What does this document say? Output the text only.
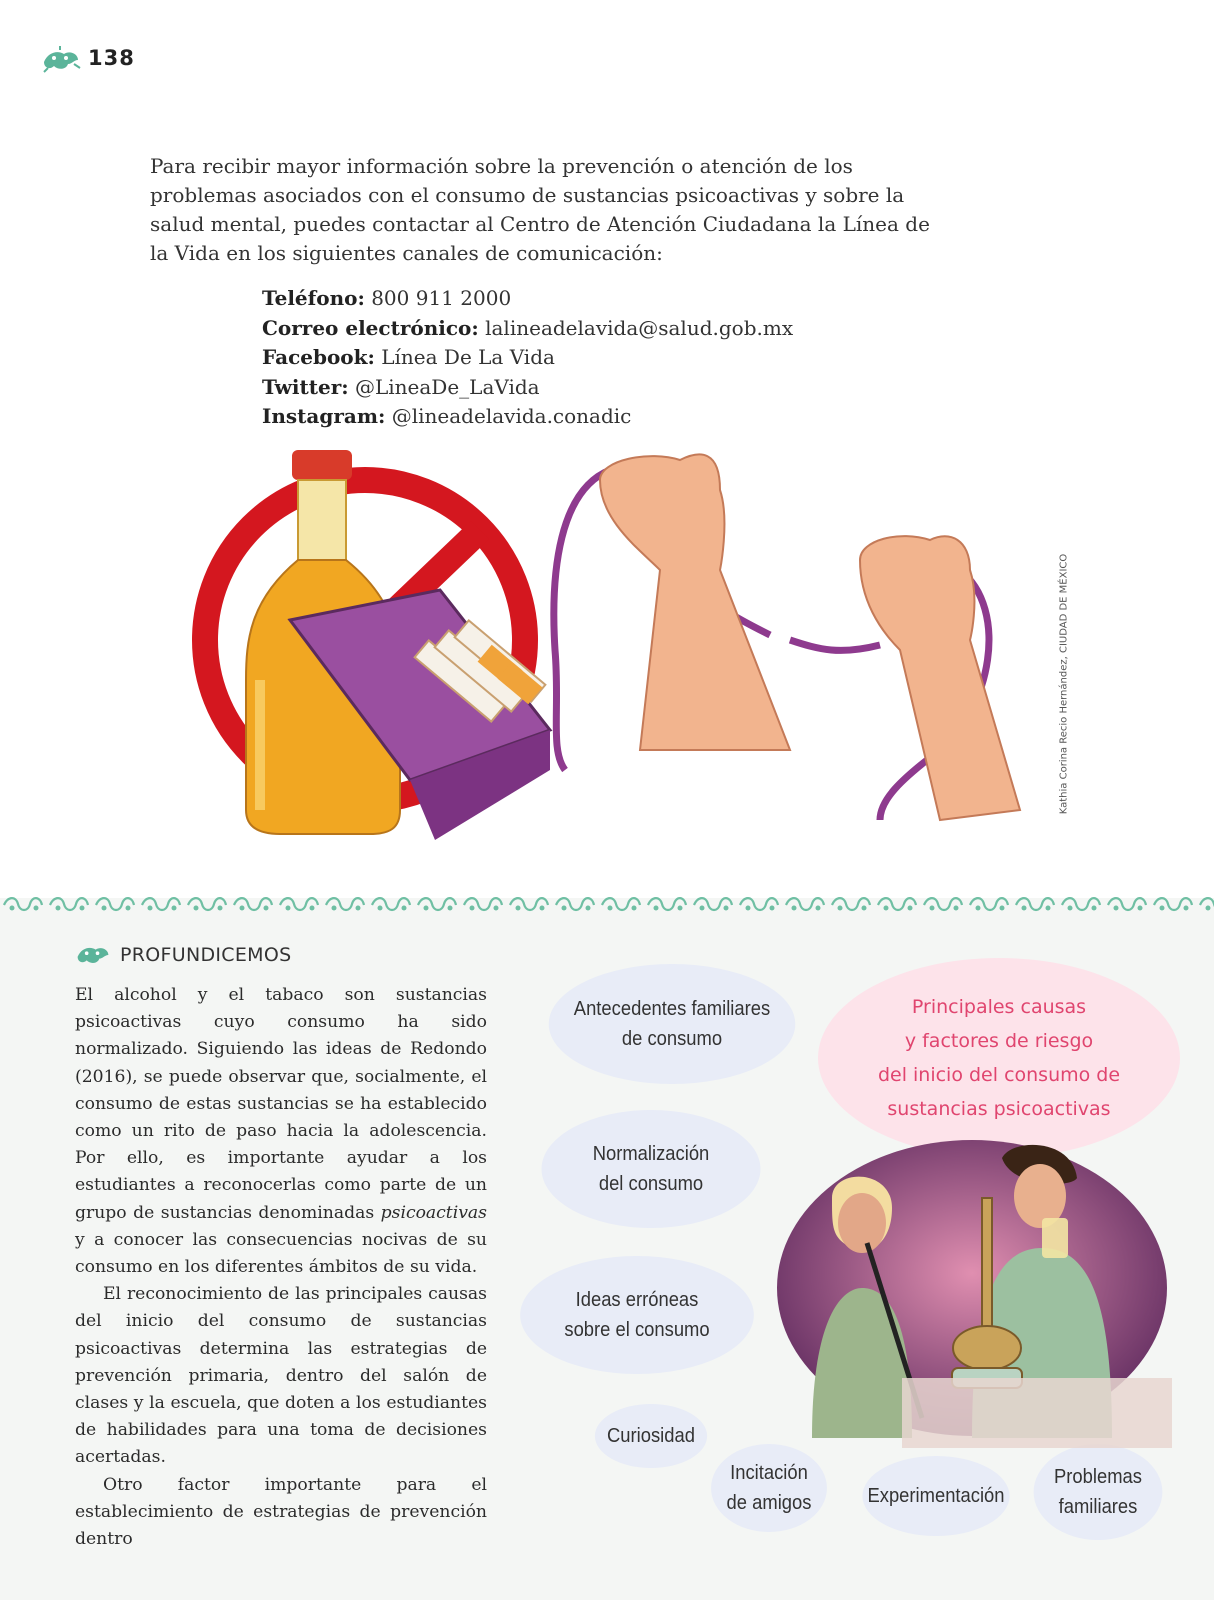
138
Para recibir mayor información sobre la prevención o atención de los problemas asociados con el consumo de sustancias psicoactivas y sobre la salud mental, puedes contactar al Centro de Atención Ciudadana la Línea de la Vida en los siguientes canales de comunicación:
Teléfono: 800 911 2000
Correo electrónico: lalineadelavida@salud.gob.mx
Facebook: Línea De La Vida
Twitter: @LineaDe_LaVida
Instagram: @lineadelavida.conadic
Kathia Corina Recio Hernández, CIUDAD DE MÉXICO
PROFUNDICEMOS

El alcohol y el tabaco son sustancias psicoactivas cuyo consumo ha sido normalizado. Siguiendo las ideas de Redondo (2016), se puede observar que, socialmente, el consumo de estas sustancias se ha establecido como un rito de paso hacia la adolescencia. Por ello, es importante ayudar a los estudiantes a reconocerlas como parte de un grupo de sustancias denominadas psicoactivas y a conocer las consecuencias nocivas de su consumo en los diferentes ámbitos de su vida.

El reconocimiento de las principales causas del inicio del consumo de sustancias psicoactivas determina las estrategias de prevención primaria, dentro del salón de clases y la escuela, que doten a los estudiantes de habilidades para una toma de decisiones acertadas.

Otro factor importante para el establecimiento de estrategias de prevención dentro

Antecedentes familiares
de consumo
Normalización
del consumo
Ideas erróneas
sobre el consumo
Curiosidad
Incitación
de amigos	Experimentación
Problemas
familiares
Principales causas
y factores de riesgo
del inicio del consumo de
sustancias psicoactivas
